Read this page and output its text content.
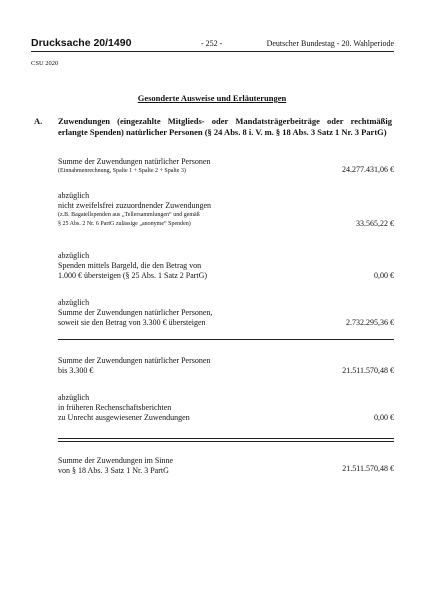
Drucksache 20/1490	- 252 -	Deutscher Bundestag - 20. Wahlperiode
CSU 2020
Gesonderte Ausweise und Erläuterungen
A. Zuwendungen (eingezahlte Mitglieds- oder Mandatsträgerbeiträge oder rechtmäßig erlangte Spenden) natürlicher Personen (§ 24 Abs. 8 i. V. m. § 18 Abs. 3 Satz 1 Nr. 3 PartG)
Summe der Zuwendungen natürlicher Personen
(Einnahmenrechnung, Spalte 1 + Spalte 2 + Spalte 3)	24.277.431,06 €
abzüglich
nicht zweifelsfrei zuzuordnender Zuwendungen
(z.B. Bagatellspenden aus „Tellersammlungen“ und gemäß
§ 25 Abs. 2 Nr. 6 PartG zulässige „anonyme“ Spenden)	33.565,22 €
abzüglich
Spenden mittels Bargeld, die den Betrag von
1.000 € übersteigen (§ 25 Abs. 1 Satz 2 PartG)	0,00 €
abzüglich
Summe der Zuwendungen natürlicher Personen,
soweit sie den Betrag von 3.300 € übersteigen	2.732.295,36 €
Summe der Zuwendungen natürlicher Personen
bis 3.300 €	21.511.570,48 €
abzüglich
in früheren Rechenschaftsberichten
zu Unrecht ausgewiesener Zuwendungen	0,00 €
Summe der Zuwendungen im Sinne
von § 18 Abs. 3 Satz 1 Nr. 3 PartG	21.511.570,48 €
